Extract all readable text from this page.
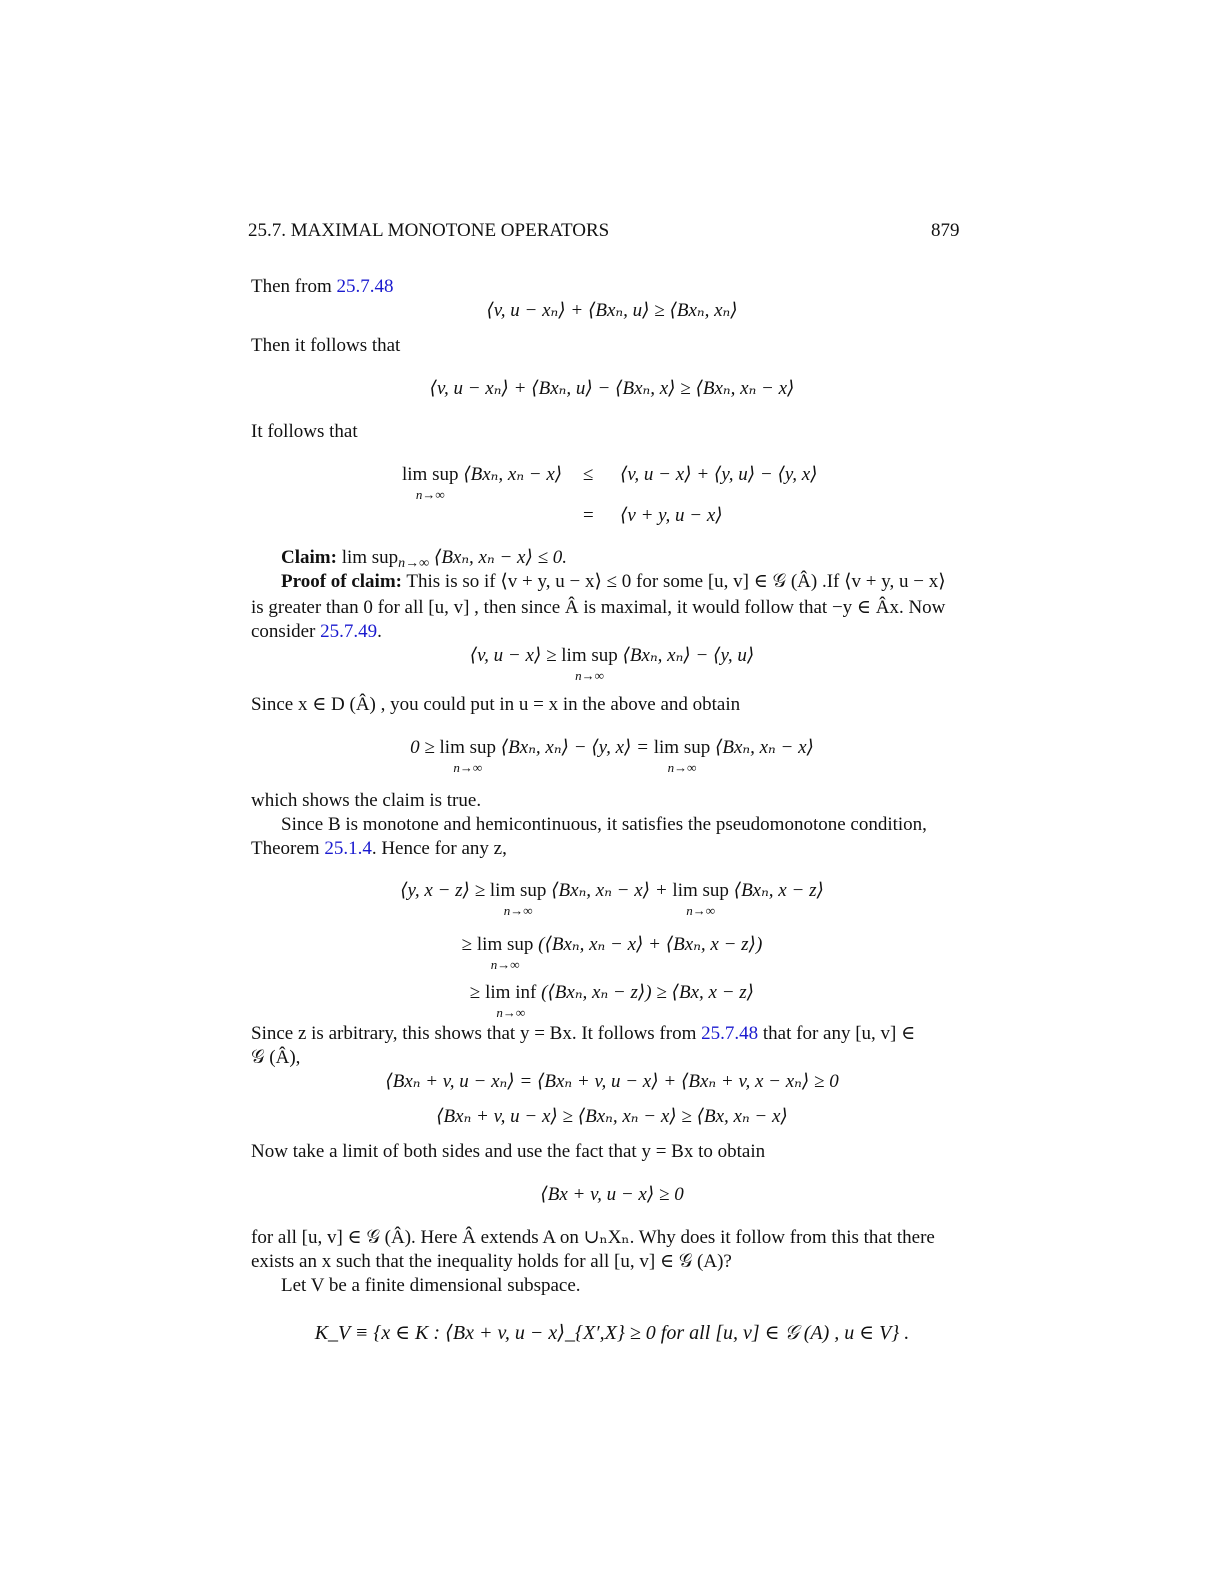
25.7. MAXIMAL MONOTONE OPERATORS	879
Then from 25.7.48
⟨v, u − xₙ⟩ + ⟨Bxₙ, u⟩ ≥ ⟨Bxₙ, xₙ⟩
Then it follows that
⟨v, u − xₙ⟩ + ⟨Bxₙ, u⟩ − ⟨Bxₙ, x⟩ ≥ ⟨Bxₙ, xₙ − x⟩
It follows that
lim sup
n→∞
⟨Bxₙ, xₙ − x⟩ ≤ ⟨v, u − x⟩ + ⟨y, u⟩ − ⟨y, x⟩
= ⟨v + y, u − x⟩
Claim: lim sup$_{n\to\infty}$ ⟨Bxₙ, xₙ − x⟩ ≤ 0.
Proof of claim: This is so if ⟨v + y, u − x⟩ ≤ 0 for some [u, v] ∈ 𝒢 (Â) .If ⟨v + y, u − x⟩
is greater than 0 for all [u, v] , then since Â is maximal, it would follow that −y ∈ Âx. Now
consider 25.7.49.
⟨v, u − x⟩ ≥ lim sup
n→∞
⟨Bxₙ, xₙ⟩ − ⟨y, u⟩
Since x ∈ D (Â) , you could put in u = x in the above and obtain
0 ≥ lim sup
n→∞
⟨Bxₙ, xₙ⟩ − ⟨y, x⟩ = lim sup
n→∞
⟨Bxₙ, xₙ − x⟩
which shows the claim is true.
Since B is monotone and hemicontinuous, it satisfies the pseudomonotone condition,
Theorem 25.1.4. Hence for any z,
⟨y, x − z⟩ ≥ lim sup
n→∞
⟨Bxₙ, xₙ − x⟩ + lim sup
n→∞
⟨Bxₙ, x − z⟩
≥ lim sup
n→∞
(⟨Bxₙ, xₙ − x⟩ + ⟨Bxₙ, x − z⟩)
≥ lim inf
n→∞
(⟨Bxₙ, xₙ − z⟩) ≥ ⟨Bx, x − z⟩
Since z is arbitrary, this shows that y = Bx. It follows from 25.7.48 that for any [u, v] ∈
𝒢 (Â),
⟨Bxₙ + v, u − xₙ⟩ = ⟨Bxₙ + v, u − x⟩ + ⟨Bxₙ + v, x − xₙ⟩ ≥ 0
⟨Bxₙ + v, u − x⟩ ≥ ⟨Bxₙ, xₙ − x⟩ ≥ ⟨Bx, xₙ − x⟩
Now take a limit of both sides and use the fact that y = Bx to obtain
⟨Bx + v, u − x⟩ ≥ 0
for all [u, v] ∈ 𝒢 (Â). Here Â extends A on ∪ₙXₙ. Why does it follow from this that there
exists an x such that the inequality holds for all [u, v] ∈ 𝒢 (A)?
Let V be a finite dimensional subspace.
K_V ≡ {x ∈ K : ⟨Bx + v, u − x⟩_{X′,X} ≥ 0 for all [u, v] ∈ 𝒢 (A) , u ∈ V} .
